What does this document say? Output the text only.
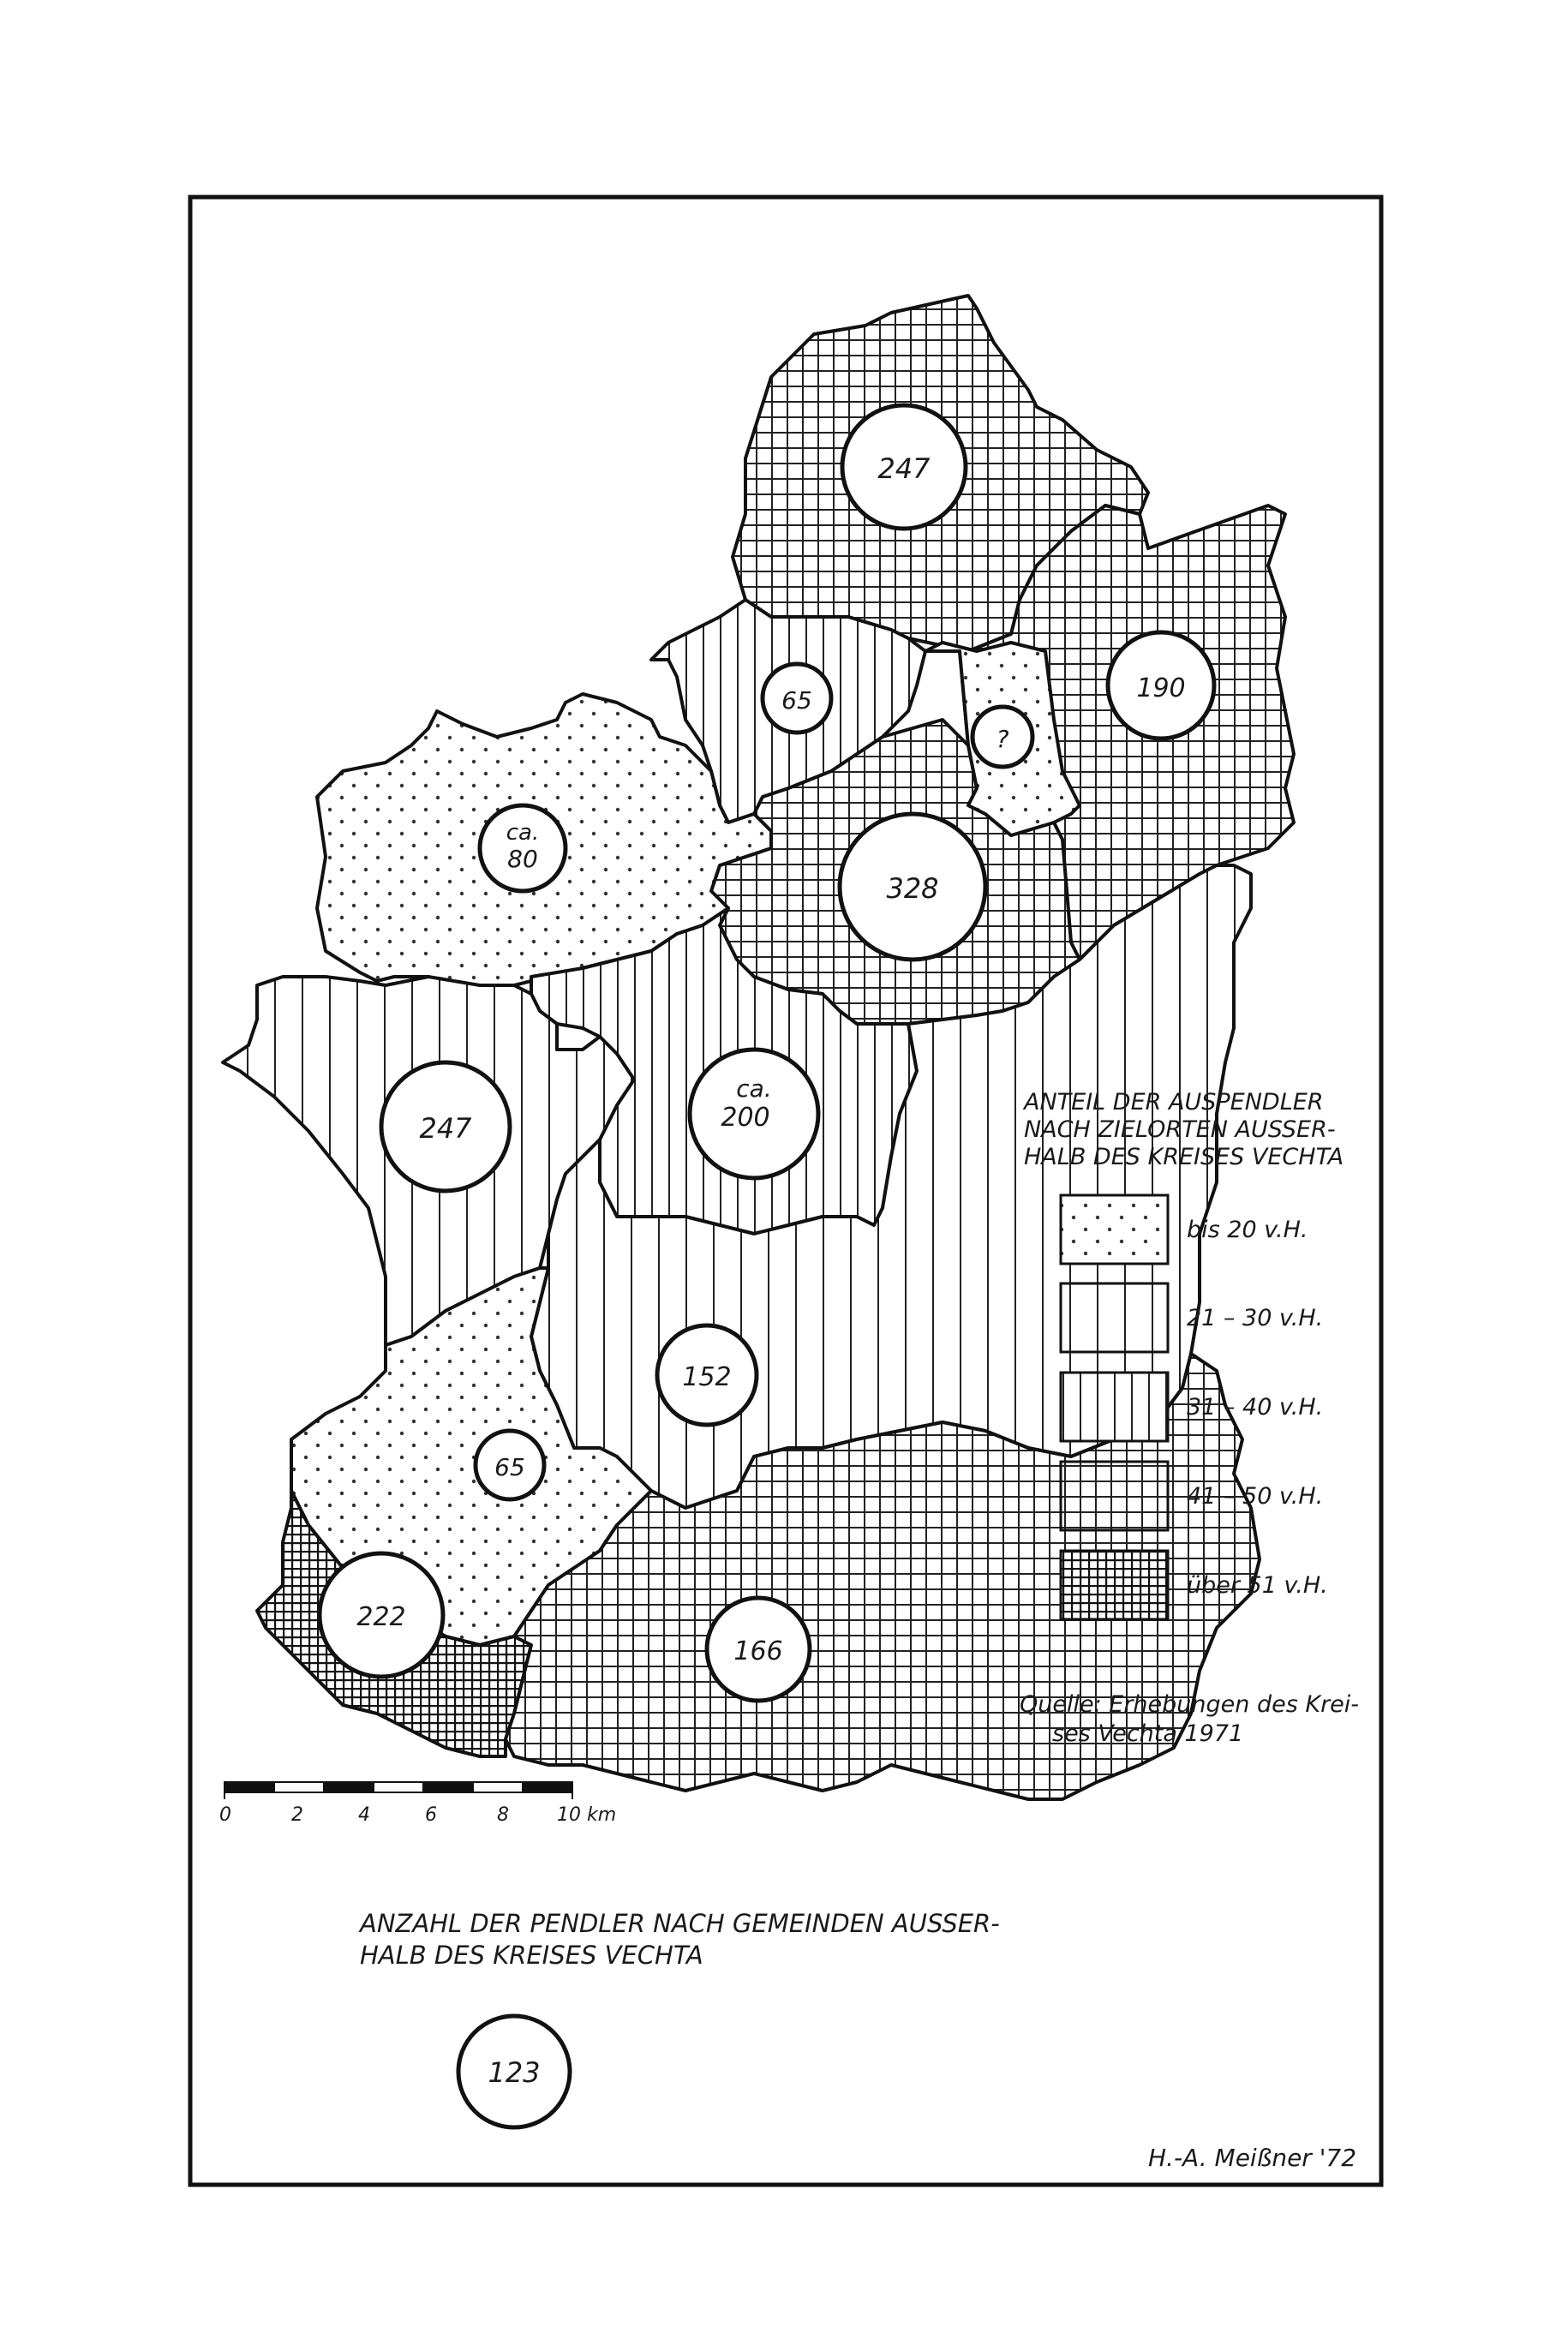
247
190
65
?
ca.
80
328
247
ca.
200
152
65
222
166
ANTEIL DER AUSPENDLER
NACH ZIELORTEN AUSSER-
HALB DES KREISES VECHTA
bis 20 v.H.
21 – 30 v.H.
31 – 40 v.H.
41 – 50 v.H.
über 51 v.H.
Quelle: Erhebungen des Krei-
ses Vechta 1971
0	2	4	6	8	10 km
ANZAHL DER PENDLER NACH GEMEINDEN AUSSER-
HALB DES KREISES VECHTA
123
H.-A. Meißner '72
